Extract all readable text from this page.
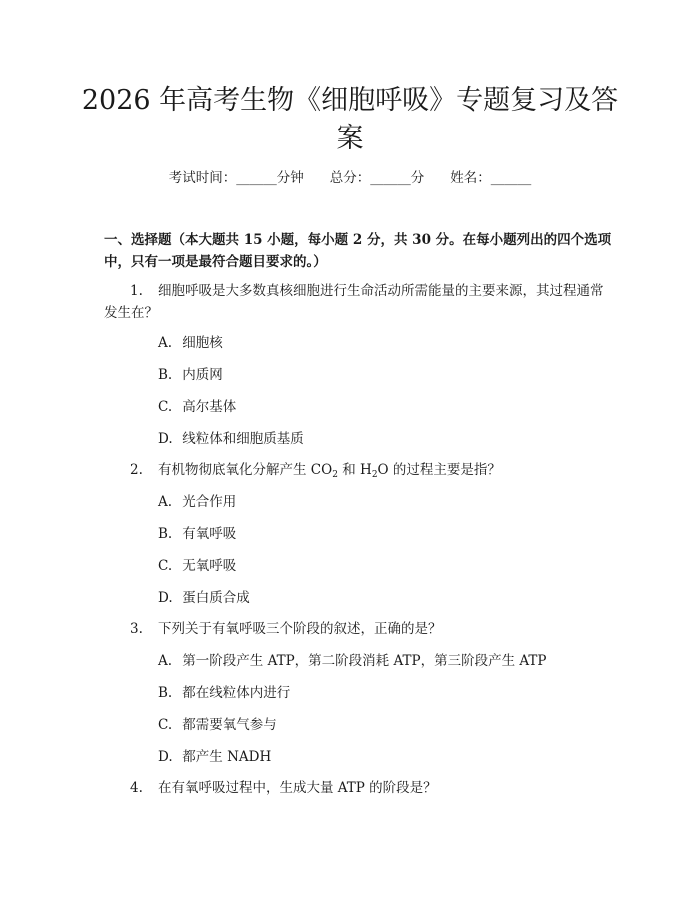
2026 年高考生物《细胞呼吸》专题复习及答案
考试时间：______分钟 总分：______分 姓名：______

一、选择题（本大题共 15 小题，每小题 2 分，共 30 分。在每小题列出的四个选项中，只有一项是最符合题目要求的。）

1. 细胞呼吸是大多数真核细胞进行生命活动所需能量的主要来源，其过程通常发生在？

A. 细胞核

B. 内质网

C. 高尔基体

D. 线粒体和细胞质基质

2. 有机物彻底氧化分解产生 $CO_2$ 和 $H_2O$ 的过程主要是指？

A. 光合作用

B. 有氧呼吸

C. 无氧呼吸

D. 蛋白质合成

3. 下列关于有氧呼吸三个阶段的叙述，正确的是？

A. 第一阶段产生 ATP，第二阶段消耗 ATP，第三阶段产生 ATP

B. 都在线粒体内进行

C. 都需要氧气参与

D. 都产生 NADH

4. 在有氧呼吸过程中，生成大量 ATP 的阶段是？
